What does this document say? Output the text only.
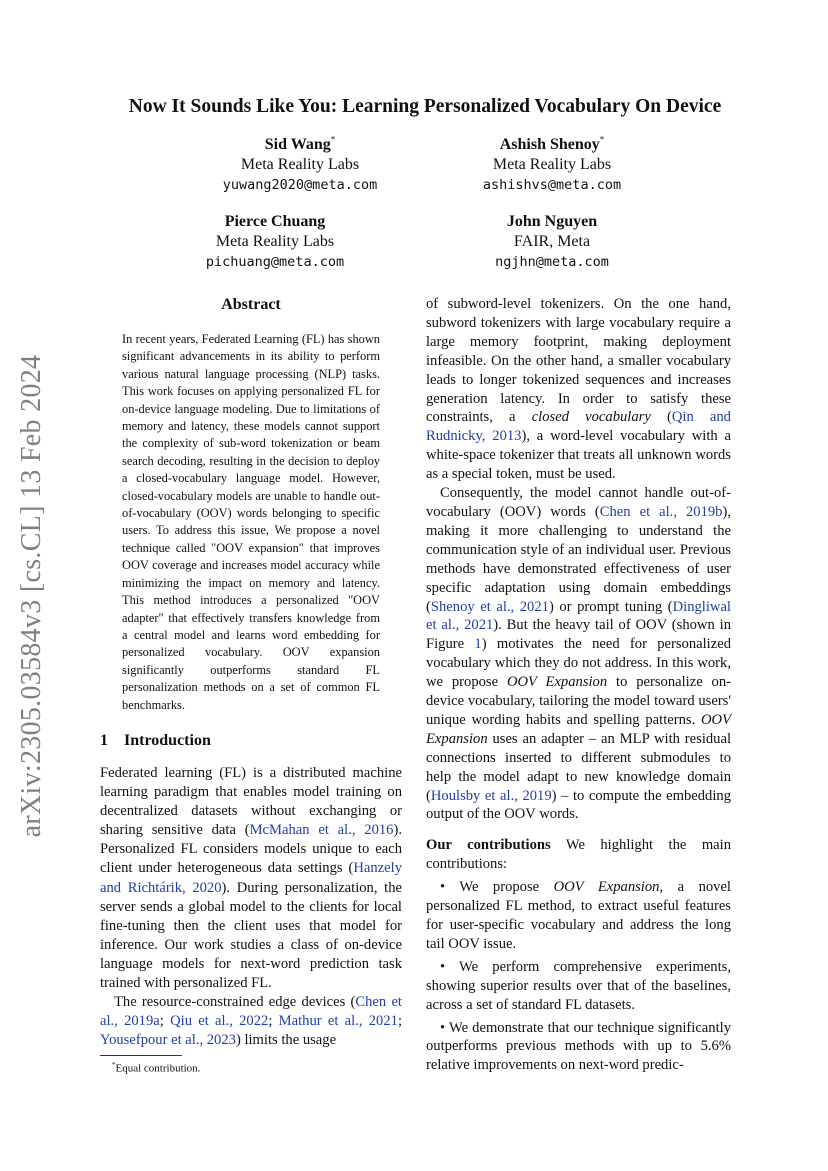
arXiv:2305.03584v3 [cs.CL] 13 Feb 2024
Now It Sounds Like You: Learning Personalized Vocabulary On Device
Sid Wang*
Meta Reality Labs
yuwang2020@meta.com
Ashish Shenoy*
Meta Reality Labs
ashishvs@meta.com
Pierce Chuang
Meta Reality Labs
pichuang@meta.com
John Nguyen
FAIR, Meta
ngjhn@meta.com
Abstract
In recent years, Federated Learning (FL) has shown significant advancements in its ability to perform various natural language processing (NLP) tasks. This work focuses on applying personalized FL for on-device language modeling. Due to limitations of memory and latency, these models cannot support the complexity of sub-word tokenization or beam search decoding, resulting in the decision to deploy a closed-vocabulary language model. However, closed-vocabulary models are unable to handle out-of-vocabulary (OOV) words belonging to specific users. To address this issue, We propose a novel technique called "OOV expansion" that improves OOV coverage and increases model accuracy while minimizing the impact on memory and latency. This method introduces a personalized "OOV adapter" that effectively transfers knowledge from a central model and learns word embedding for personalized vocabulary. OOV expansion significantly outperforms standard FL personalization methods on a set of common FL benchmarks.
1 Introduction

Federated learning (FL) is a distributed machine learning paradigm that enables model training on decentralized datasets without exchanging or sharing sensitive data (McMahan et al., 2016). Personalized FL considers models unique to each client under heterogeneous data settings (Hanzely and Richtárik, 2020). During personalization, the server sends a global model to the clients for local fine-tuning then the client uses that model for inference. Our work studies a class of on-device language models for next-word prediction task trained with personalized FL.

The resource-constrained edge devices (Chen et al., 2019a; Qiu et al., 2022; Mathur et al., 2021; Yousefpour et al., 2023) limits the usage

*Equal contribution.

of subword-level tokenizers. On the one hand, subword tokenizers with large vocabulary require a large memory footprint, making deployment infeasible. On the other hand, a smaller vocabulary leads to longer tokenized sequences and increases generation latency. In order to satisfy these constraints, a closed vocabulary (Qin and Rudnicky, 2013), a word-level vocabulary with a white-space tokenizer that treats all unknown words as a special token, must be used.

Consequently, the model cannot handle out-of-vocabulary (OOV) words (Chen et al., 2019b), making it more challenging to understand the communication style of an individual user. Previous methods have demonstrated effectiveness of user specific adaptation using domain embeddings (Shenoy et al., 2021) or prompt tuning (Dingliwal et al., 2021). But the heavy tail of OOV (shown in Figure 1) motivates the need for personalized vocabulary which they do not address. In this work, we propose OOV Expansion to personalize on-device vocabulary, tailoring the model toward users' unique wording habits and spelling patterns. OOV Expansion uses an adapter – an MLP with residual connections inserted to different submodules to help the model adapt to new knowledge domain (Houlsby et al., 2019) – to compute the embedding output of the OOV words.

Our contributions We highlight the main contributions:

• We propose OOV Expansion, a novel personalized FL method, to extract useful features for user-specific vocabulary and address the long tail OOV issue.

• We perform comprehensive experiments, showing superior results over that of the baselines, across a set of standard FL datasets.

• We demonstrate that our technique significantly outperforms previous methods with up to 5.6% relative improvements on next-word predic-
